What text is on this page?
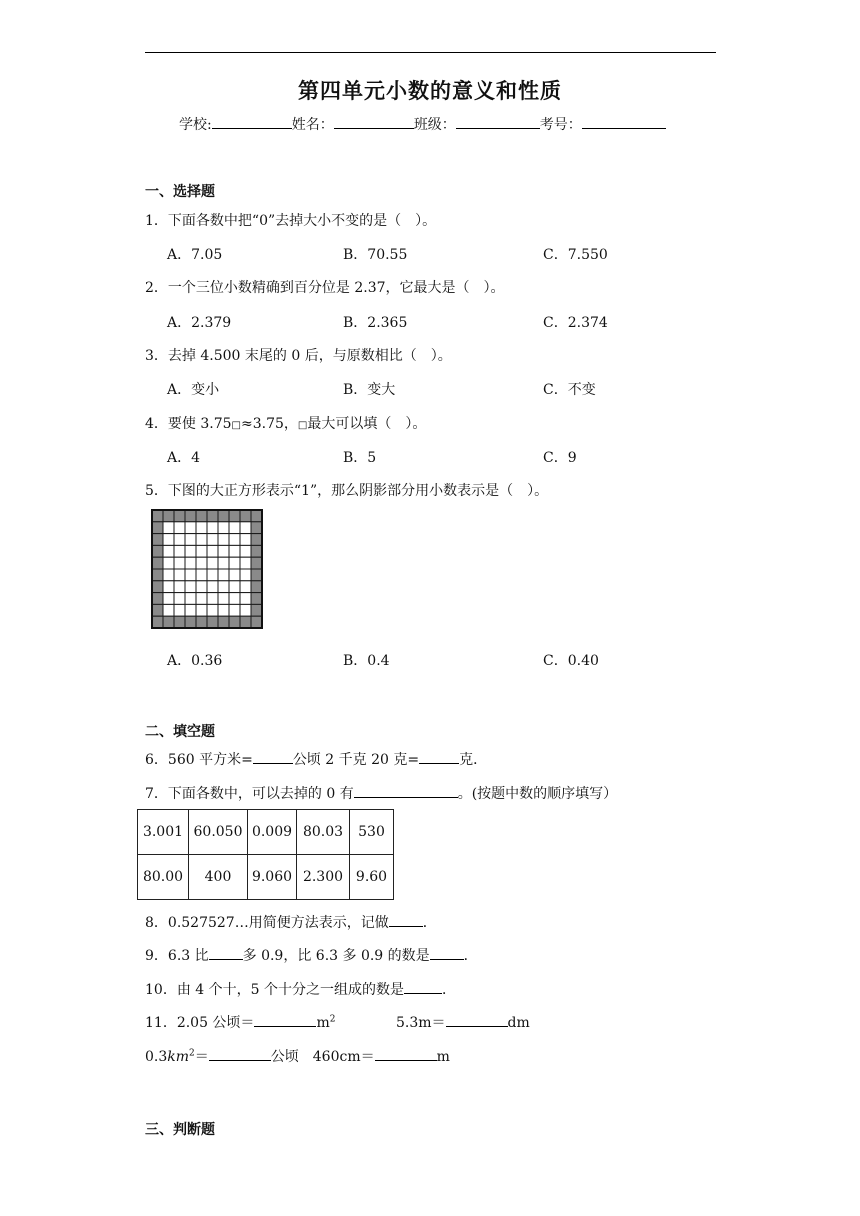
第四单元小数的意义和性质
学校:	姓名：	班级：	考号：
一、选择题
1．下面各数中把“0”去掉大小不变的是（　）。
A．7.05	B．70.55	C．7.550
2．一个三位小数精确到百分位是 2.37，它最大是（　）。
A．2.379	B．2.365	C．2.374
3．去掉 4.500 末尾的 0 后，与原数相比（　）。
A．变小	B．变大	C．不变
4．要使 3.75□≈3.75，□最大可以填（　）。
A．4	B．5	C．9
5．下图的大正方形表示“1”，那么阴影部分用小数表示是（　）。
A．0.36	B．0.4	C．0.40
二、填空题
6．560 平方米=	公顷 2 千克 20 克=	克．
7．下面各数中，可以去掉的 0 有	。(按题中数的顺序填写）
3.001	60.050	0.009	80.03	530
80.00	400	9.060	2.300	9.60
8．0.527527…用简便方法表示，记做 ．
9．6.3 比 多 0.9，比 6.3 多 0.9 的数是 ．
10．由 4 个十，5 个十分之一组成的数是	．
11．2.05 公顷＝	$m^2$	5.3m＝	dm
$0.3km^2=$	公顷　460cm＝	m
三、判断题
